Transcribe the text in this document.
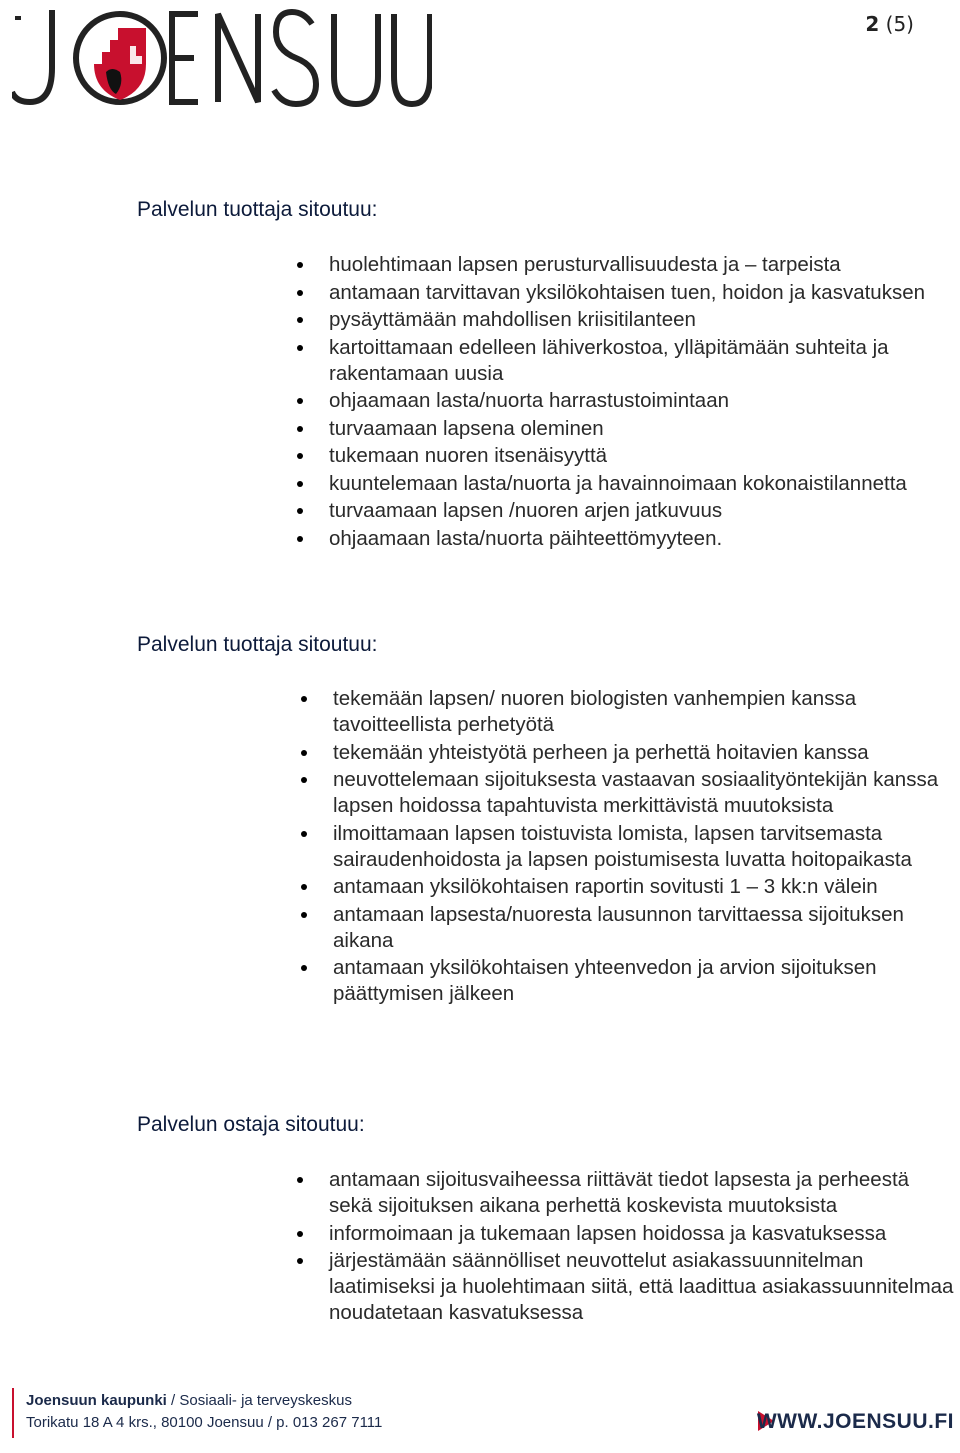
2 (5)
Palvelun tuottaja sitoutuu:
huolehtimaan lapsen perusturvallisuudesta ja – tarpeista
antamaan tarvittavan yksilökohtaisen tuen, hoidon ja kasvatuksen
pysäyttämään mahdollisen kriisitilanteen
kartoittamaan edelleen lähiverkostoa, ylläpitämään suhteita ja rakentamaan uusia
ohjaamaan lasta/nuorta harrastustoimintaan
turvaamaan lapsena oleminen
tukemaan nuoren itsenäisyyttä
kuuntelemaan lasta/nuorta ja havainnoimaan kokonaistilannetta
turvaamaan lapsen /nuoren arjen jatkuvuus
ohjaamaan lasta/nuorta päihteettömyyteen.
Palvelun tuottaja sitoutuu:
tekemään lapsen/ nuoren biologisten vanhempien kanssa tavoitteellista perhetyötä
tekemään yhteistyötä perheen ja perhettä hoitavien kanssa
neuvottelemaan sijoituksesta vastaavan sosiaalityöntekijän kanssa lapsen hoidossa tapahtuvista merkittävistä muutoksista
ilmoittamaan lapsen toistuvista lomista, lapsen tarvitsemasta sairaudenhoidosta ja lapsen poistumisesta luvatta hoitopaikasta
antamaan yksilökohtaisen raportin sovitusti 1 – 3 kk:n välein
antamaan lapsesta/nuoresta lausunnon tarvittaessa sijoituksen aikana
antamaan yksilökohtaisen yhteenvedon ja arvion sijoituksen päättymisen jälkeen
Palvelun ostaja sitoutuu:
antamaan sijoitusvaiheessa riittävät tiedot lapsesta ja perheestä sekä sijoituksen aikana perhettä koskevista muutoksista
informoimaan ja tukemaan lapsen hoidossa ja kasvatuksessa
järjestämään säännölliset neuvottelut asiakassuunnitelman laatimiseksi ja huolehtimaan siitä, että laadittua asiakassuunnitelmaa noudatetaan kasvatuksessa
Joensuun kaupunki / Sosiaali- ja terveyskeskus
Torikatu 18 A 4 krs., 80100 Joensuu / p. 013 267 7111	WWW.JOENSUU.FI
